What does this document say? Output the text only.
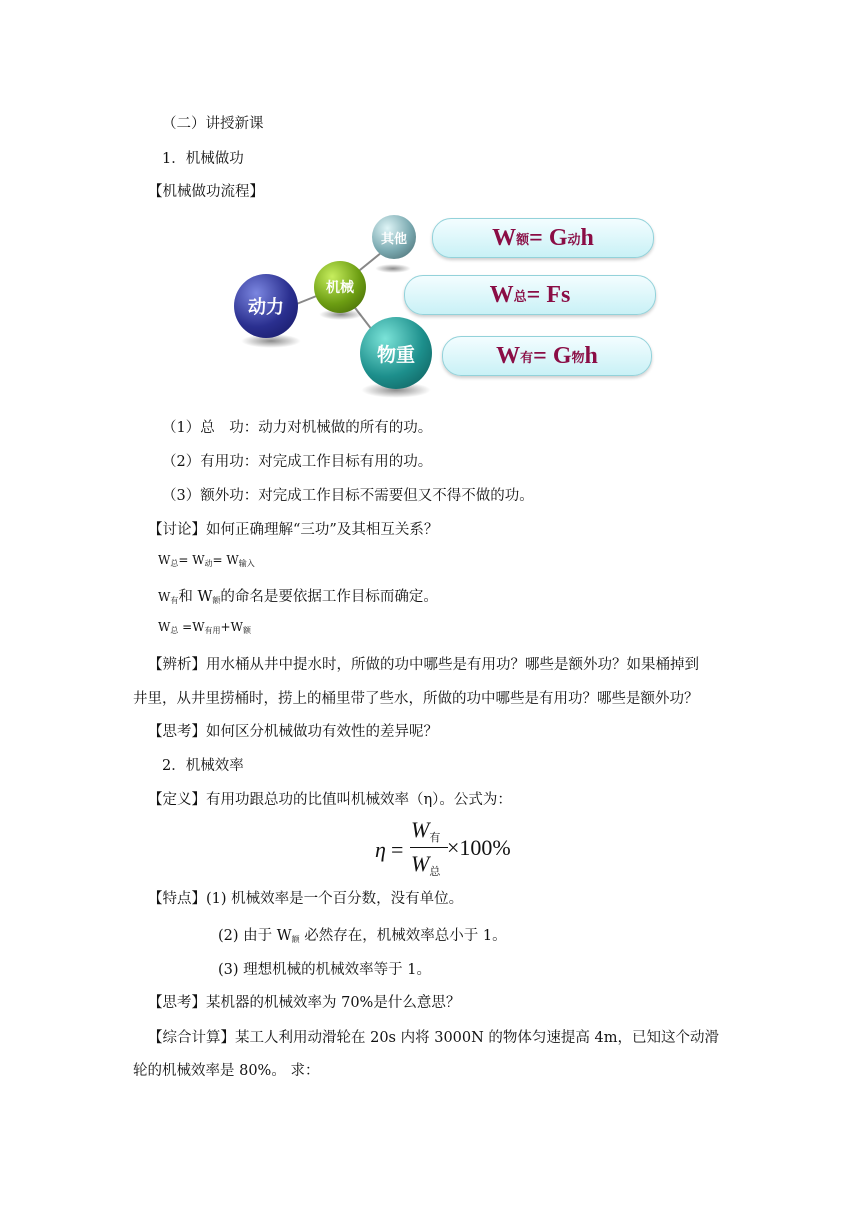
（二）讲授新课
1．机械做功
【机械做功流程】
动力
机械
其他
物重
W 额 = G 动 h
W 总 = Fs
W 有 = G 物 h
（1）总　功：动力对机械做的所有的功。
（2）有用功：对完成工作目标有用的功。
（3）额外功：对完成工作目标不需要但又不得不做的功。
【讨论】如何正确理解“三功”及其相互关系？
$W_总= W_动= W_{输入}$
$W_有$和 $W_额$的命名是要依据工作目标而确定。
$W_总 =W_{有用}+W_额$
【辨析】用水桶从井中提水时，所做的功中哪些是有用功？哪些是额外功？如果桶掉到
井里，从井里捞桶时，捞上的桶里带了些水，所做的功中哪些是有用功？哪些是额外功？
【思考】如何区分机械做功有效性的差异呢？
2．机械效率
【定义】有用功跟总功的比值叫机械效率（η）。公式为：
η =
W有
W总
×100%
【特点】(1) 机械效率是一个百分数，没有单位。
(2) 由于 $W_额$ 必然存在，机械效率总小于 1。
(3) 理想机械的机械效率等于 1。
【思考】某机器的机械效率为 70%是什么意思？
【综合计算】某工人利用动滑轮在 20s 内将 3000N 的物体匀速提高 4m，已知这个动滑
轮的机械效率是 80%。 求：
